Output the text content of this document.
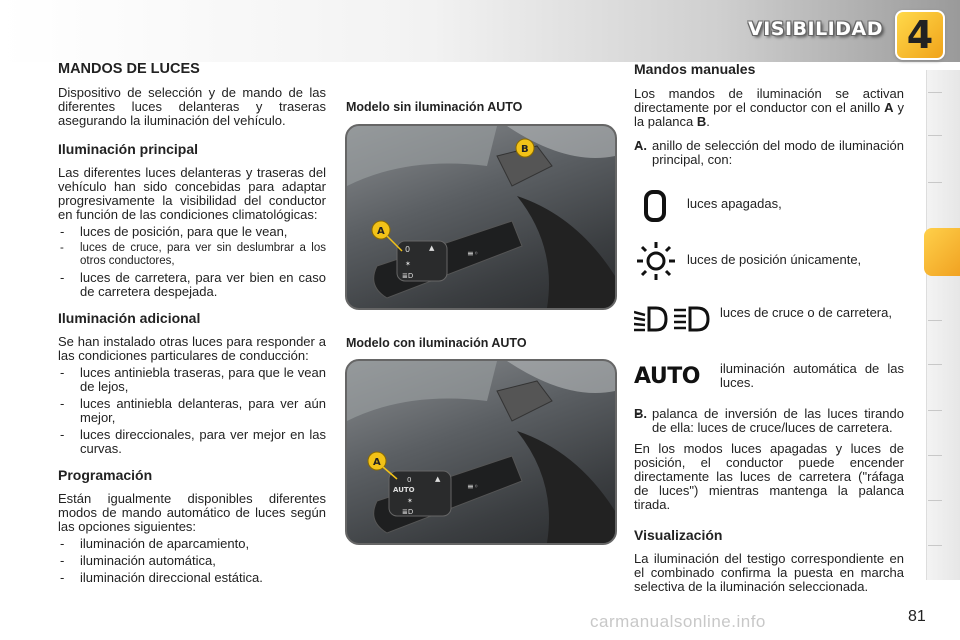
VISIBILIDAD 4
MANDOS DE LUCES
Dispositivo de selección y de mando de las diferentes luces delanteras y traseras asegurando la iluminación del vehículo.
Iluminación principal
Las diferentes luces delanteras y traseras del vehículo han sido concebidas para adaptar progresivamente la visibilidad del conductor en función de las condiciones climatológicas:
- luces de posición, para que le vean,
- luces de cruce, para ver sin deslumbrar a los otros conductores,
- luces de carretera, para ver bien en caso de carretera despejada.
Iluminación adicional
Se han instalado otras luces para responder a las condiciones particulares de conducción:
- luces antiniebla traseras, para que le vean de lejos,
- luces antiniebla delanteras, para ver aún mejor,
- luces direccionales, para ver mejor en las curvas.
Programación
Están igualmente disponibles diferentes modos de mando automático de luces según las opciones siguientes:
- iluminación de aparcamiento,
- iluminación automática,
- iluminación direccional estática.
Modelo sin iluminación AUTO
Modelo con iluminación AUTO
0
✶
≣D
▲
≡◦
A
B
0
AUTO
✶
≣D
▲
≡◦
A
Mandos manuales
Los mandos de iluminación se activan directamente por el conductor con el anillo A y la palanca B.
- A. anillo de selección del modo de iluminación principal, con:
luces apagadas,
luces de posición únicamente,
luces de cruce o de carretera,
AUTO iluminación automática de las luces.
- B. palanca de inversión de las luces tirando de ella: luces de cruce/luces de carretera.
En los modos luces apagadas y luces de posición, el conductor puede encender directamente las luces de carretera ("ráfaga de luces") mientras mantenga la palanca tirada.
Visualización
La iluminación del testigo correspondiente en el combinado confirma la puesta en marcha selectiva de la iluminación seleccionada.
carmanualsonline.info	81
